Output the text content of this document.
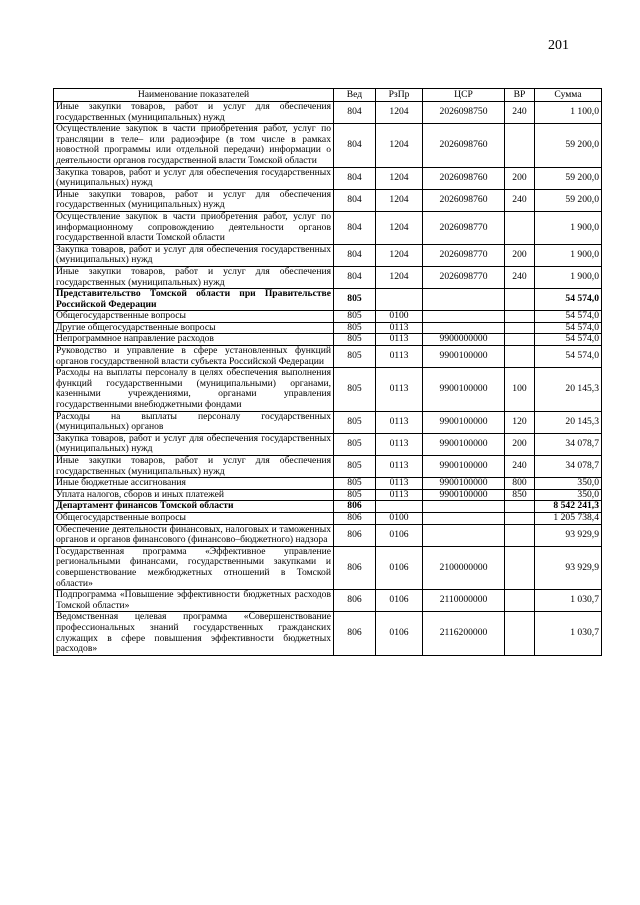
201
Наименование показателей	Вед	РзПр	ЦСР	ВР	Сумма
Иные закупки товаров, работ и услуг для обеспечения государственных (муниципальных) нужд	804	1204	2026098750	240	1 100,0
Осуществление закупок в части приобретения работ, услуг по трансляции в теле– или радиоэфире (в том числе в рамках новостной программы или отдельной передачи) информации о деятельности органов государственной власти Томской области	804	1204	2026098760		59 200,0
Закупка товаров, работ и услуг для обеспечения государственных (муниципальных) нужд	804	1204	2026098760	200	59 200,0
Иные закупки товаров, работ и услуг для обеспечения государственных (муниципальных) нужд	804	1204	2026098760	240	59 200,0
Осуществление закупок в части приобретения работ, услуг по информационному сопровождению деятельности органов государственной власти Томской области	804	1204	2026098770		1 900,0
Закупка товаров, работ и услуг для обеспечения государственных (муниципальных) нужд	804	1204	2026098770	200	1 900,0
Иные закупки товаров, работ и услуг для обеспечения государственных (муниципальных) нужд	804	1204	2026098770	240	1 900,0
Представительство Томской области при Правительстве Российской Федерации	805				54 574,0
Общегосударственные вопросы	805	0100			54 574,0
Другие общегосударственные вопросы	805	0113			54 574,0
Непрограммное направление расходов	805	0113	9900000000		54 574,0
Руководство и управление в сфере установленных функций органов государственной власти субъекта Российской Федерации	805	0113	9900100000		54 574,0
Расходы на выплаты персоналу в целях обеспечения выполнения функций государственными (муниципальными) органами, казенными учреждениями, органами управления государственными внебюджетными фондами	805	0113	9900100000	100	20 145,3
Расходы на выплаты персоналу государственных (муниципальных) органов	805	0113	9900100000	120	20 145,3
Закупка товаров, работ и услуг для обеспечения государственных (муниципальных) нужд	805	0113	9900100000	200	34 078,7
Иные закупки товаров, работ и услуг для обеспечения государственных (муниципальных) нужд	805	0113	9900100000	240	34 078,7
Иные бюджетные ассигнования	805	0113	9900100000	800	350,0
Уплата налогов, сборов и иных платежей	805	0113	9900100000	850	350,0
Департамент финансов Томской области	806				8 542 241,3
Общегосударственные вопросы	806	0100			1 205 738,4
Обеспечение деятельности финансовых, налоговых и таможенных органов и органов финансового (финансово–бюджетного) надзора	806	0106			93 929,9
Государственная программа «Эффективное управление региональными финансами, государственными закупками и совершенствование межбюджетных отношений в Томской области»	806	0106	2100000000		93 929,9
Подпрограмма «Повышение эффективности бюджетных расходов Томской области»	806	0106	2110000000		1 030,7
Ведомственная целевая программа «Совершенствование профессиональных знаний государственных гражданских служащих в сфере повышения эффективности бюджетных расходов»	806	0106	2116200000		1 030,7
